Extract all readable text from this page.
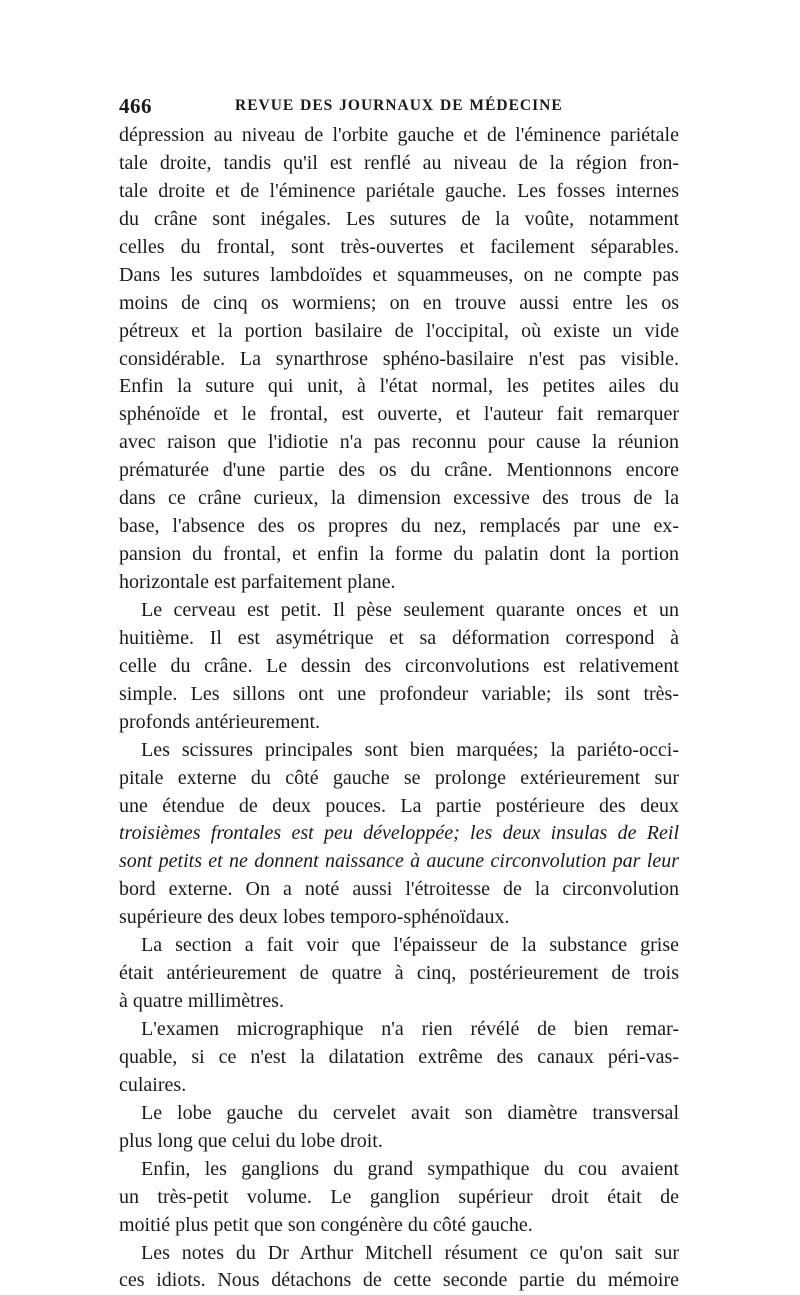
466	REVUE DES JOURNAUX DE MÉDECINE
dépression au niveau de l'orbite gauche et de l'éminence pariétale
tale droite, tandis qu'il est renflé au niveau de la région fron-
tale droite et de l'éminence pariétale gauche. Les fosses internes
du crâne sont inégales. Les sutures de la voûte, notamment
celles du frontal, sont très-ouvertes et facilement séparables.
Dans les sutures lambdoïdes et squammeuses, on ne compte pas
moins de cinq os wormiens; on en trouve aussi entre les os
pétreux et la portion basilaire de l'occipital, où existe un vide
considérable. La synarthrose sphéno-basilaire n'est pas visible.
Enfin la suture qui unit, à l'état normal, les petites ailes du
sphénoïde et le frontal, est ouverte, et l'auteur fait remarquer
avec raison que l'idiotie n'a pas reconnu pour cause la réunion
prématurée d'une partie des os du crâne. Mentionnons encore
dans ce crâne curieux, la dimension excessive des trous de la
base, l'absence des os propres du nez, remplacés par une ex-
pansion du frontal, et enfin la forme du palatin dont la portion
horizontale est parfaitement plane.
Le cerveau est petit. Il pèse seulement quarante onces et un
huitième. Il est asymétrique et sa déformation correspond à
celle du crâne. Le dessin des circonvolutions est relativement
simple. Les sillons ont une profondeur variable; ils sont très-
profonds antérieurement.
Les scissures principales sont bien marquées; la pariéto-occi-
pitale externe du côté gauche se prolonge extérieurement sur
une étendue de deux pouces. La partie postérieure des deux
troisièmes frontales est peu développée; les deux insulas de Reil
sont petits et ne donnent naissance à aucune circonvolution par leur
bord externe. On a noté aussi l'étroitesse de la circonvolution
supérieure des deux lobes temporo-sphénoïdaux.
La section a fait voir que l'épaisseur de la substance grise
était antérieurement de quatre à cinq, postérieurement de trois
à quatre millimètres.
L'examen micrographique n'a rien révélé de bien remar-
quable, si ce n'est la dilatation extrême des canaux péri-vas-
culaires.
Le lobe gauche du cervelet avait son diamètre transversal
plus long que celui du lobe droit.
Enfin, les ganglions du grand sympathique du cou avaient
un très-petit volume. Le ganglion supérieur droit était de
moitié plus petit que son congénère du côté gauche.
Les notes du Dr Arthur Mitchell résument ce qu'on sait sur
ces idiots. Nous détachons de cette seconde partie du mémoire
